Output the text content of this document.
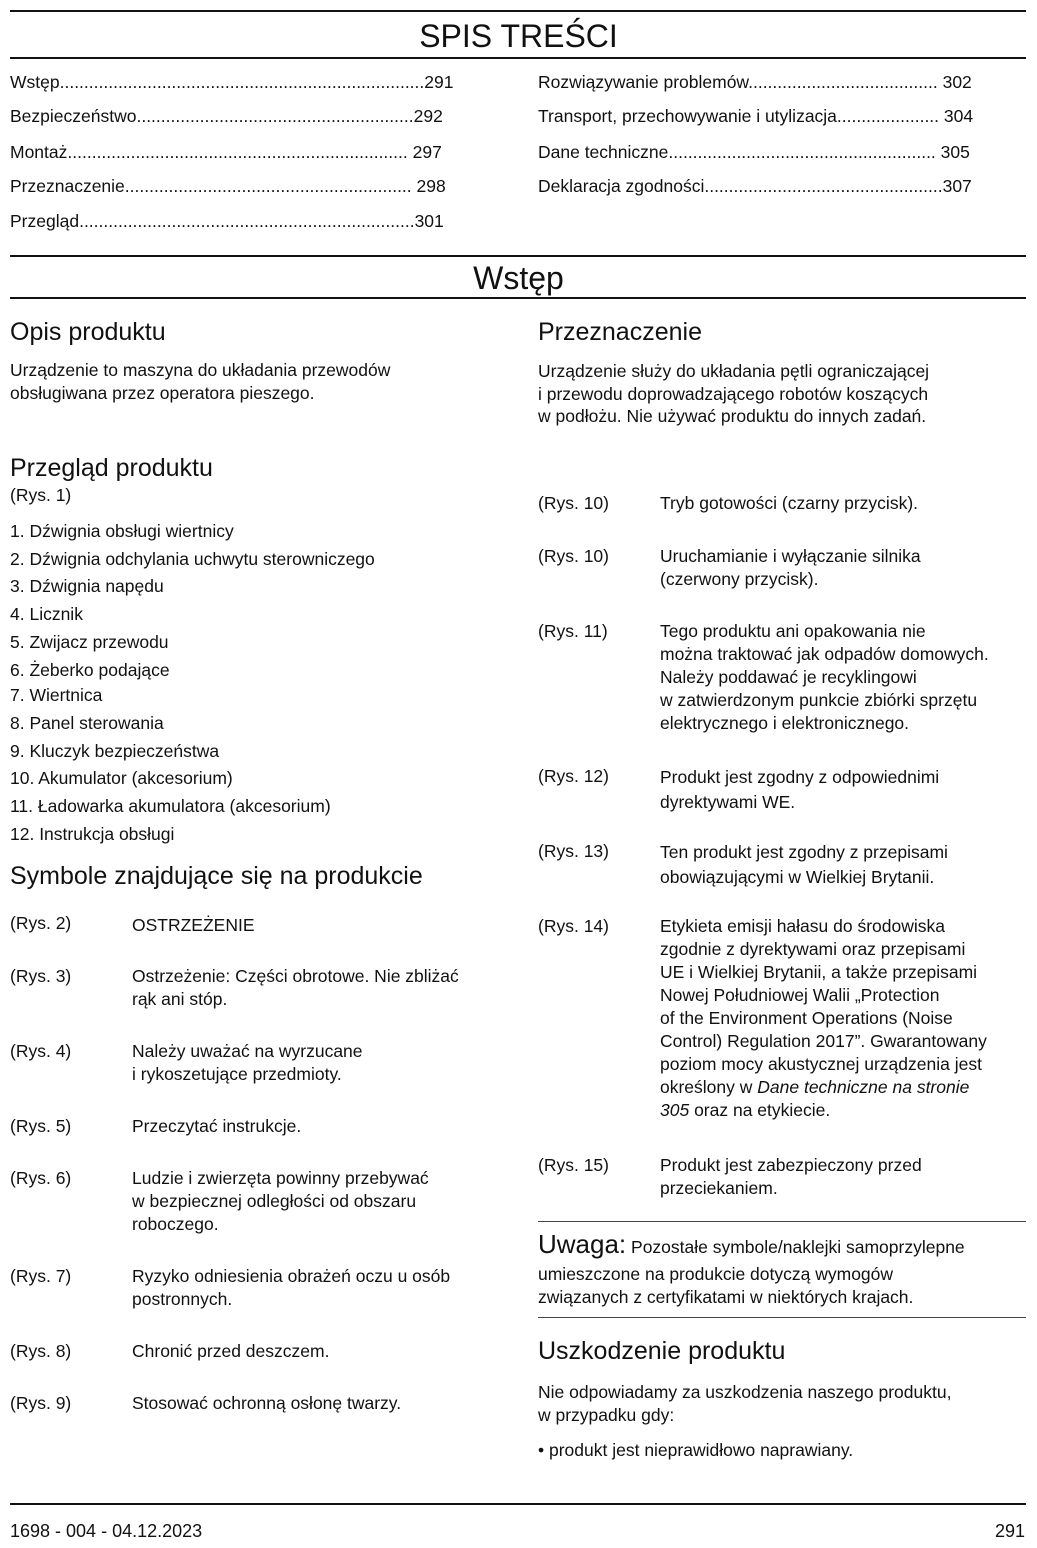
SPIS TREŚCI
Wstęp...........................................................................291
Bezpieczeństwo.........................................................292
Montaż...................................................................... 297
Przeznaczenie........................................................... 298
Przegląd.....................................................................301
Rozwiązywanie problemów....................................... 302
Transport, przechowywanie i utylizacja..................... 304
Dane techniczne....................................................... 305
Deklaracja zgodności.................................................307
Wstęp
Opis produktu

Urządzenie to maszyna do układania przewodów
obsługiwana przez operatora pieszego.

Przegląd produktu
(Rys. 1)
1. Dźwignia obsługi wiertnicy
2. Dźwignia odchylania uchwytu sterowniczego
3. Dźwignia napędu
4. Licznik
5. Zwijacz przewodu
6. Żeberko podające
7. Wiertnica
8. Panel sterowania
9. Kluczyk bezpieczeństwa
10. Akumulator (akcesorium)
11. Ładowarka akumulatora (akcesorium)
12. Instrukcja obsługi
Symbole znajdujące się na produkcie
(Rys. 2)	OSTRZEŻENIE
(Rys. 3)	Ostrzeżenie: Części obrotowe. Nie zbliżać
rąk ani stóp.
(Rys. 4)	Należy uważać na wyrzucane
i rykoszetujące przedmioty.
(Rys. 5)	Przeczytać instrukcje.
(Rys. 6)	Ludzie i zwierzęta powinny przebywać
w bezpiecznej odległości od obszaru
roboczego.
(Rys. 7)	Ryzyko odniesienia obrażeń oczu u osób
postronnych.
(Rys. 8)	Chronić przed deszczem.
(Rys. 9)	Stosować ochronną osłonę twarzy.
Przeznaczenie

Urządzenie służy do układania pętli ograniczającej
i przewodu doprowadzającego robotów koszących
w podłożu. Nie używać produktu do innych zadań.

(Rys. 10)	Tryb gotowości (czarny przycisk).
(Rys. 10)	Uruchamianie i wyłączanie silnika
(czerwony przycisk).
(Rys. 11)	Tego produktu ani opakowania nie
można traktować jak odpadów domowych.
Należy poddawać je recyklingowi
w zatwierdzonym punkcie zbiórki sprzętu
elektrycznego i elektronicznego.
(Rys. 12)	Produkt jest zgodny z odpowiednimi
dyrektywami WE.
(Rys. 13)	Ten produkt jest zgodny z przepisami
obowiązującymi w Wielkiej Brytanii.
(Rys. 14)	Etykieta emisji hałasu do środowiska
zgodnie z dyrektywami oraz przepisami
UE i Wielkiej Brytanii, a także przepisami
Nowej Południowej Walii „Protection
of the Environment Operations (Noise
Control) Regulation 2017”. Gwarantowany
poziom mocy akustycznej urządzenia jest
określony w Dane techniczne na stronie
305 oraz na etykiecie.
(Rys. 15)	Produkt jest zabezpieczony przed
przeciekaniem.
Uwaga: Pozostałe symbole/naklejki samoprzylepne
umieszczone na produkcie dotyczą wymogów
związanych z certyfikatami w niektórych krajach.
Uszkodzenie produktu

Nie odpowiadamy za uszkodzenia naszego produktu,
w przypadku gdy:

• produkt jest nieprawidłowo naprawiany.
1698 - 004 - 04.12.2023	291
